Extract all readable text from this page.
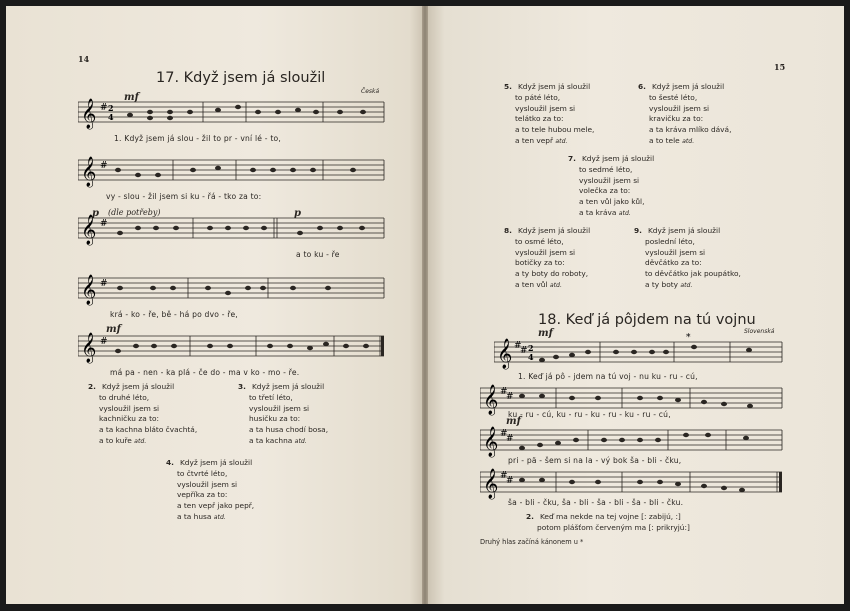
14
17. Když jsem já sloužil
Česká
𝄞 # 2
4
mf
1. Když jsem já slou - žil to pr - vní lé - to,
𝄞 #
vy - slou - žil jsem si ku - řá - tko za to:
𝄞 #
p (dle potřeby)	p
a to ku - ře
𝄞 #
krá - ko - ře, bě - há po dvo - ře,
𝄞 #
mf
má pa - nen - ka plá - če do - ma v ko - mo - ře.
2. Když jsem já sloužil
to druhé léto,
vysloužil jsem si
kachničku za to:
a ta kachna bláto čvachtá,
a to kuře atd.
3. Když jsem já sloužil
to třetí léto,
vysloužil jsem si
husičku za to:
a ta husa chodí bosa,
a ta kachna atd.
4. Když jsem já sloužil
to čtvrté léto,
vysloužil jsem si
vepříka za to:
a ten vepř jako pepř,
a ta husa atd.
15
5. Když jsem já sloužil
to páté léto,
vysloužil jsem si
telátko za to:
a to tele hubou mele,
a ten vepř atd.
6. Když jsem já sloužil
to šesté léto,
vysloužil jsem si
kravičku za to:
a ta kráva mlíko dává,
a to tele atd.
7. Když jsem já sloužil
to sedmé léto,
vysloužil jsem si
volečka za to:
a ten vůl jako kůl,
a ta kráva atd.
8. Když jsem já sloužil
to osmé léto,
vysloužil jsem si
botičky za to:
a ty boty do roboty,
a ten vůl atd.
9. Když jsem já sloužil
poslední léto,
vysloužil jsem si
děvčátko za to:
to děvčátko jak poupátko,
a ty boty atd.
18. Keď já pôjdem na tú vojnu
Slovenská
𝄞 #
# 2
4
*
mf
1. Keď já pô - jdem na tú voj - nu ku - ru - cú,
𝄞 #
#
ku - ru - cú, ku - ru - ku - ru - ku - ru - cú,
𝄞 #
#
mf
pri - pä - šem si na la - vý bok ša - bli - čku,
𝄞 #
#
ša - bli - čku, ša - bli - ša - bli - ša - bli - čku.
2. Keď ma nekde na tej vojne [: zabijú, :]
potom plášťom červeným ma [: prikryjú:]
Druhý hlas začíná kánonem u *
